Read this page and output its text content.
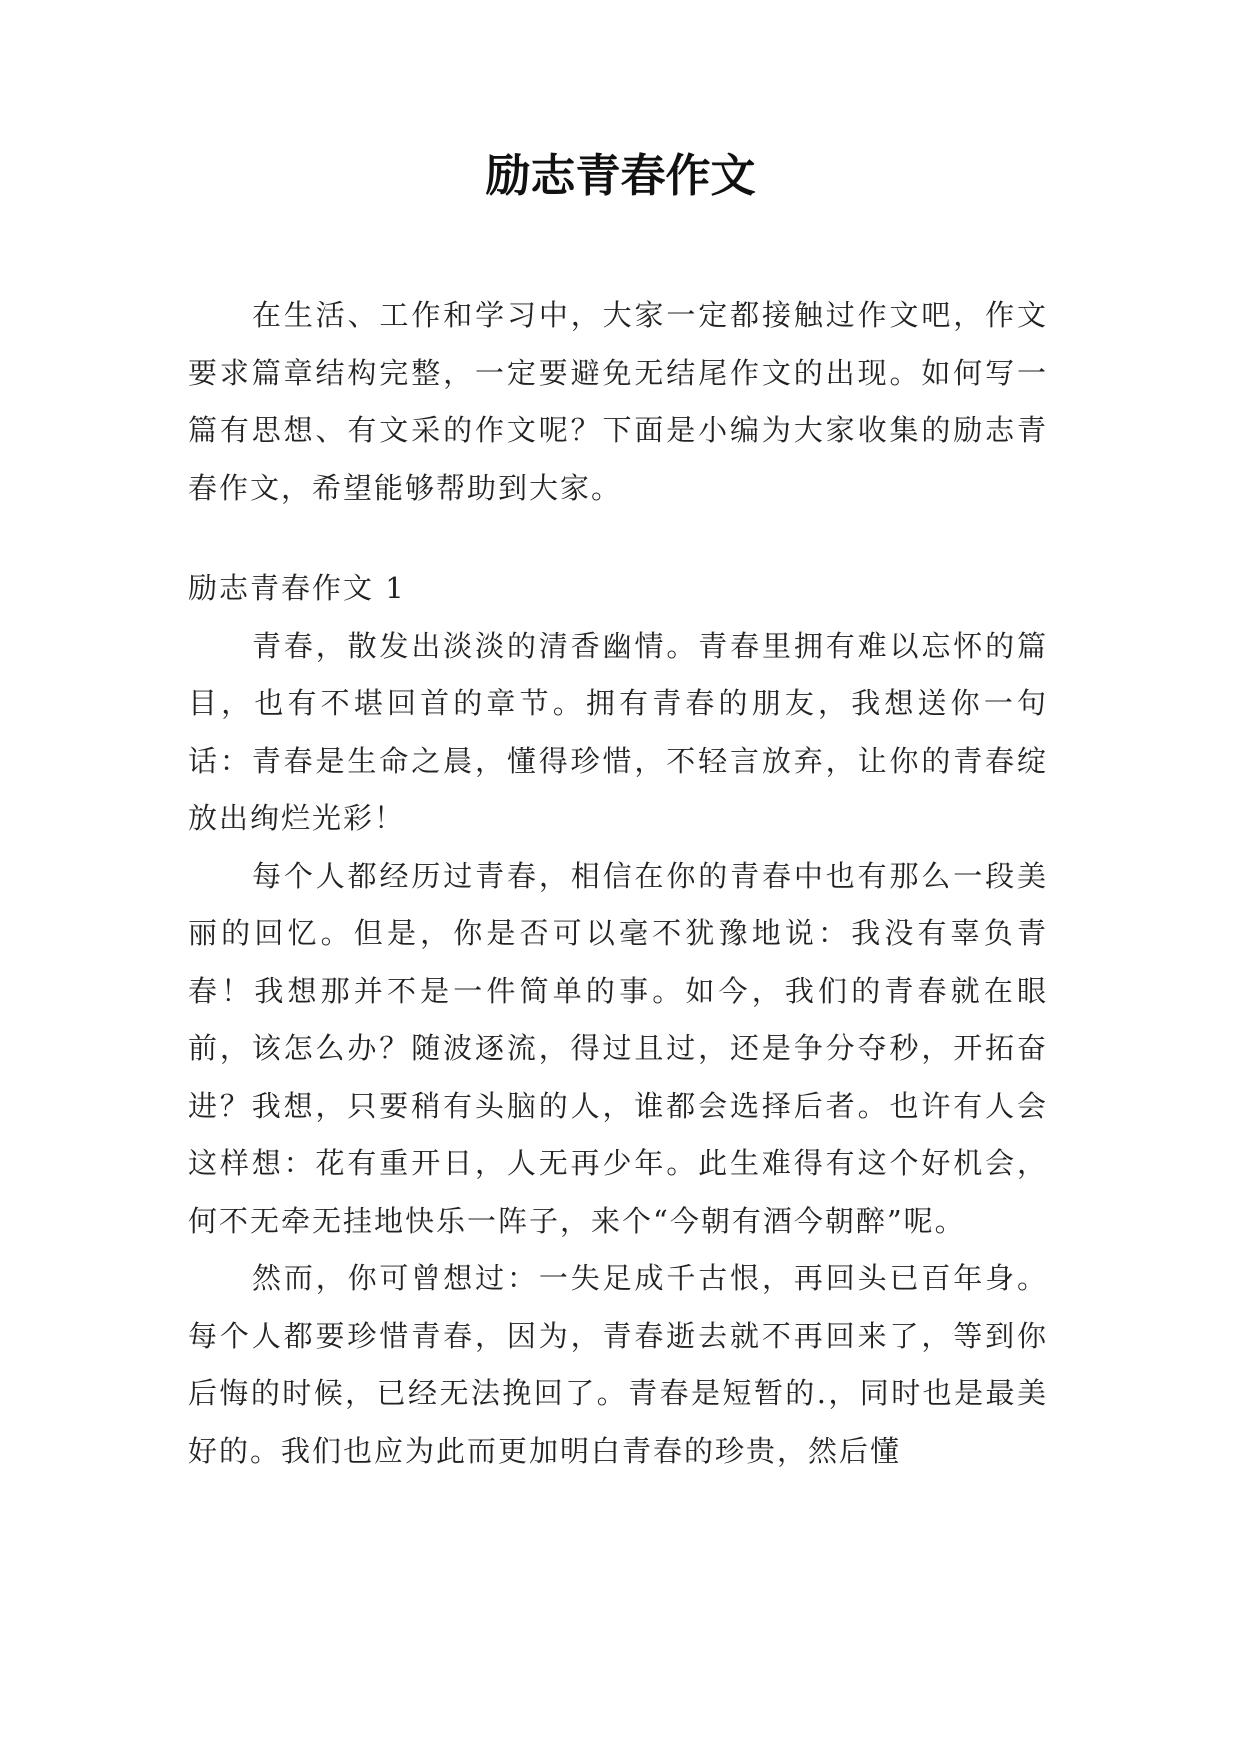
励志青春作文

在生活、工作和学习中，大家一定都接触过作文吧，作文要求篇章结构完整，一定要避免无结尾作文的出现。如何写一篇有思想、有文采的作文呢？下面是小编为大家收集的励志青春作文，希望能够帮助到大家。

励志青春作文 1

青春，散发出淡淡的清香幽情。青春里拥有难以忘怀的篇目，也有不堪回首的章节。拥有青春的朋友，我想送你一句话：青春是生命之晨，懂得珍惜，不轻言放弃，让你的青春绽放出绚烂光彩！

每个人都经历过青春，相信在你的青春中也有那么一段美丽的回忆。但是，你是否可以毫不犹豫地说：我没有辜负青春！我想那并不是一件简单的事。如今，我们的青春就在眼前，该怎么办？随波逐流，得过且过，还是争分夺秒，开拓奋进？我想，只要稍有头脑的人，谁都会选择后者。也许有人会这样想：花有重开日，人无再少年。此生难得有这个好机会，何不无牵无挂地快乐一阵子，来个“今朝有酒今朝醉”呢。

然而，你可曾想过：一失足成千古恨，再回头已百年身。每个人都要珍惜青春，因为，青春逝去就不再回来了，等到你后悔的时候，已经无法挽回了。青春是短暂的.，同时也是最美好的。我们也应为此而更加明白青春的珍贵，然后懂
